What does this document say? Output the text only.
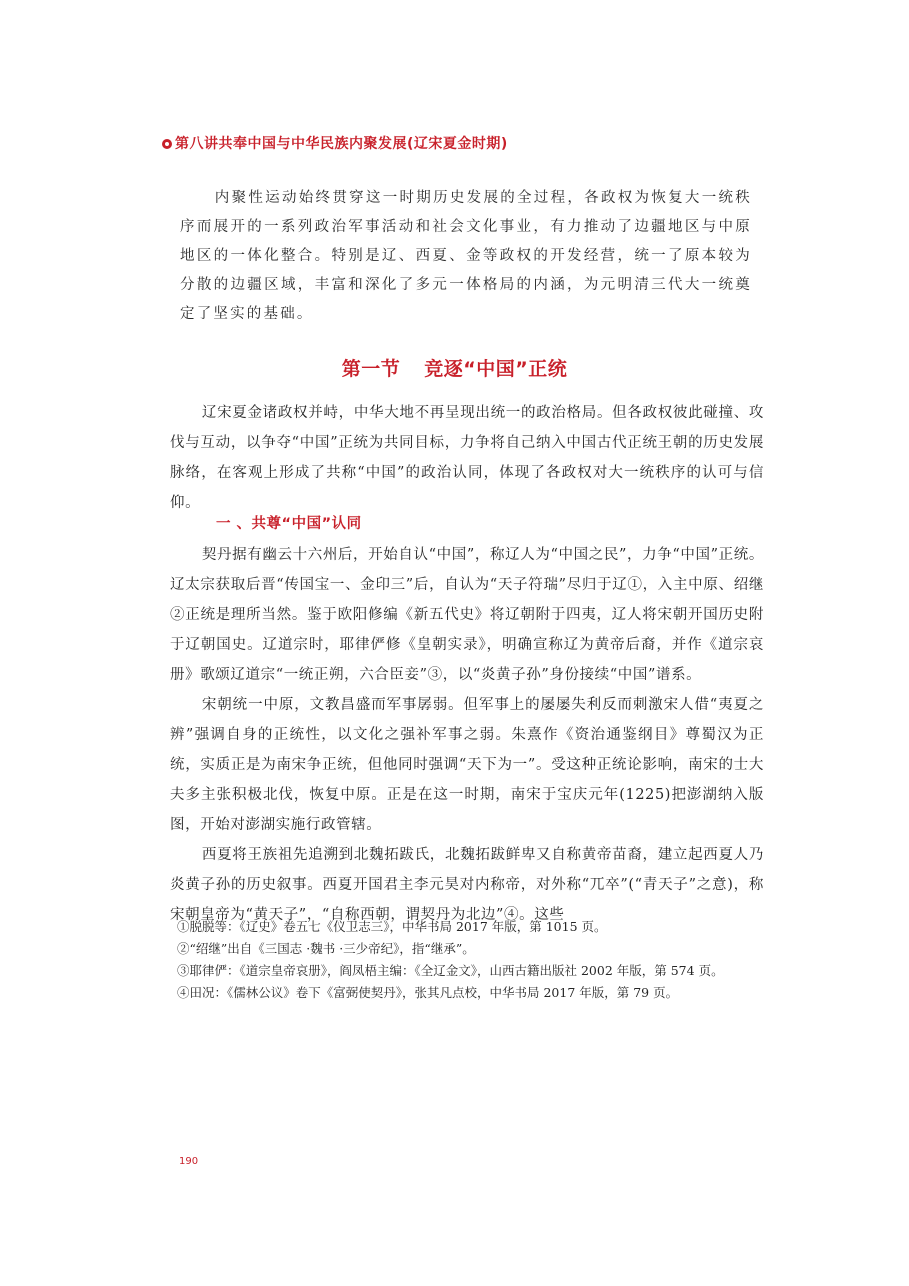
第八讲共奉中国与中华民族内聚发展(辽宋夏金时期)

内聚性运动始终贯穿这一时期历史发展的全过程，各政权为恢复大一统秩序而展开的一系列政治军事活动和社会文化事业，有力推动了边疆地区与中原地区的一体化整合。特别是辽、西夏、金等政权的开发经营，统一了原本较为分散的边疆区域，丰富和深化了多元一体格局的内涵，为元明清三代大一统奠定了坚实的基础。

第一节 竞逐“中国”正统

辽宋夏金诸政权并峙，中华大地不再呈现出统一的政治格局。但各政权彼此碰撞、攻伐与互动，以争夺“中国”正统为共同目标，力争将自己纳入中国古代正统王朝的历史发展脉络，在客观上形成了共称“中国”的政治认同，体现了各政权对大一统秩序的认可与信仰。

一 、共尊“中国”认同

契丹据有幽云十六州后，开始自认“中国”，称辽人为“中国之民”，力争“中国”正统。辽太宗获取后晋“传国宝一、金印三”后，自认为“天子符瑞”尽归于辽①，入主中原、绍继②正统是理所当然。鉴于欧阳修编《新五代史》将辽朝附于四夷，辽人将宋朝开国历史附于辽朝国史。辽道宗时，耶律俨修《皇朝实录》，明确宣称辽为黄帝后裔，并作《道宗哀册》歌颂辽道宗“一统正朔，六合臣妾”③，以“炎黄子孙”身份接续“中国”谱系。

宋朝统一中原，文教昌盛而军事孱弱。但军事上的屡屡失利反而刺激宋人借“夷夏之辨”强调自身的正统性，以文化之强补军事之弱。朱熹作《资治通鉴纲目》尊蜀汉为正统，实质正是为南宋争正统，但他同时强调“天下为一”。受这种正统论影响，南宋的士大夫多主张积极北伐，恢复中原。正是在这一时期，南宋于宝庆元年(1225)把澎湖纳入版图，开始对澎湖实施行政管辖。

西夏将王族祖先追溯到北魏拓跋氏，北魏拓跋鲜卑又自称黄帝苗裔，建立起西夏人乃炎黄子孙的历史叙事。西夏开国君主李元昊对内称帝，对外称“兀卒”(“青天子”之意)，称宋朝皇帝为“黄天子”，“自称西朝，谓契丹为北边”④。这些

①脱脱等：《辽史》卷五七《仪卫志三》，中华书局 2017 年版，第 1015 页。
②“绍继”出自《三国志 ·魏书 ·三少帝纪》，指“继承”。
③耶律俨：《道宗皇帝哀册》，阎凤梧主编：《全辽金文》，山西古籍出版社 2002 年版，第 574 页。
④田况：《儒林公议》卷下《富弼使契丹》，张其凡点校，中华书局 2017 年版，第 79 页。
190
